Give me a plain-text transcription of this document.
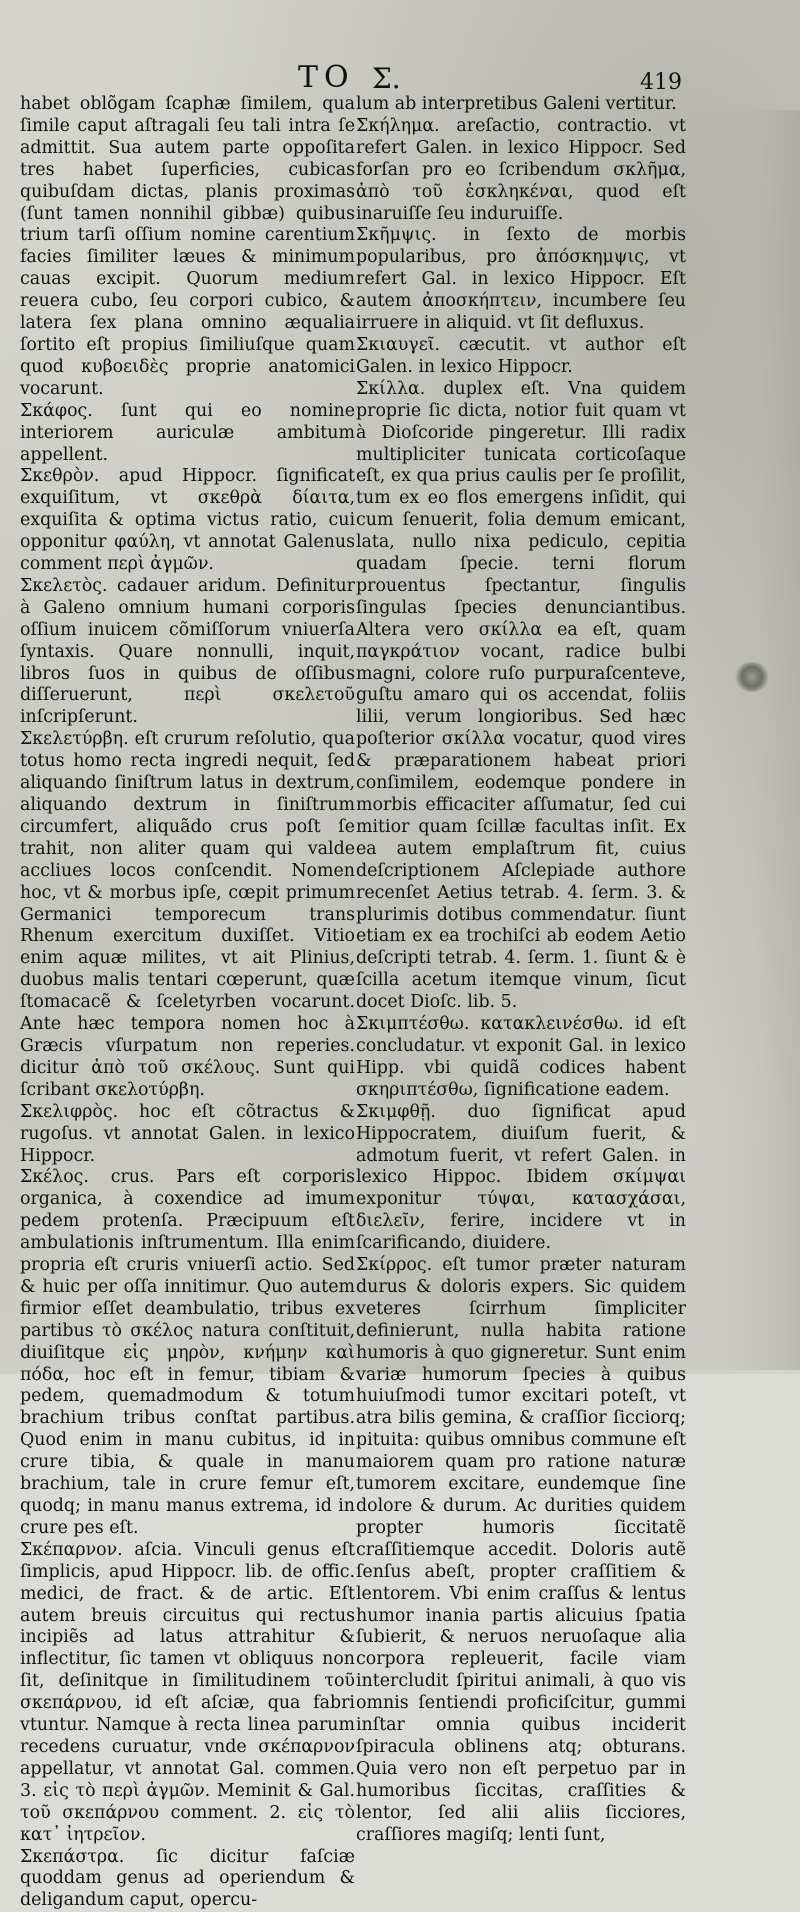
TO Σ.	419

habet oblõgam ſcaphæ ſimilem, qua ſimile caput aſtragali ſeu tali intra ſe admittit. Sua autem parte oppoſita tres habet ſuperficies, cubicas quibuſdam dictas, planis proximas (ſunt tamen nonnihil gibbæ) quibus trium tarſi oſſium nomine carentium facies ſimiliter læues & minimum cauas excipit. Quorum medium reuera cubo, ſeu corpori cubico, & latera ſex plana omnino æqualia ſortito eſt propius ſimiliuſque quam quod κυβοειδὲς proprie anatomici vocarunt.

Σκάφος. ſunt qui eo nomine interiorem auriculæ ambitum appellent.

Σκεθρὸν. apud Hippocr. ſignificat exquiſitum, vt σκεθρὰ δίαιτα, exquiſita & optima victus ratio, cui opponitur φαύλη, vt annotat Galenus comment περὶ ἀγμῶν.

Σκελετὸς. cadauer aridum. Definitur à Galeno omnium humani corporis oſſium inuicem cõmiſſorum vniuerſa ſyntaxis. Quare nonnulli, inquit, libros ſuos in quibus de oſſibus diſſeruerunt, περὶ σκελετοῦ inſcripſerunt.

Σκελετύρβη. eſt crurum reſolutio, qua totus homo recta ingredi nequit, ſed aliquando ſiniſtrum latus in dextrum, aliquando dextrum in ſiniſtrum circumfert, aliquãdo crus poſt ſe trahit, non aliter quam qui valde accliues locos conſcendit. Nomen hoc, vt & morbus ipſe, cœpit primum Germanici temporecum trans Rhenum exercitum duxiſſet. Vitio enim aquæ milites, vt ait Plinius, duobus malis tentari cœperunt, quæ ſtomacacẽ & ſceletyrben vocarunt. Ante hæc tempora nomen hoc à Græcis vſurpatum non reperies. dicitur ἀπὸ τοῦ σκέλους. Sunt qui ſcribant σκελοτύρβη.

Σκελιφρὸς. hoc eſt cõtractus & rugoſus. vt annotat Galen. in lexico Hippocr.

Σκέλος. crus. Pars eſt corporis organica, à coxendice ad imum pedem protenſa. Præcipuum eſt ambulationis inſtrumentum. Illa enim propria eſt cruris vniuerſi actio. Sed & huic per oſſa innitimur. Quo autem firmior eſſet deambulatio, tribus ex partibus τὸ σκέλος natura conſtituit, diuiſitque εἰς μηρὸν, κνήμην καὶ πόδα, hoc eſt in femur, tibiam & pedem, quemadmodum & totum brachium tribus conſtat partibus. Quod enim in manu cubitus, id in crure tibia, & quale in manu brachium, tale in crure femur eſt, quodq; in manu manus extrema, id in crure pes eſt.

Σκέπαρνον. aſcia. Vinculi genus eſt ſimplicis, apud Hippocr. lib. de offic. medici, de fract. & de artic. Eſt autem breuis circuitus qui rectus incipiẽs ad latus attrahitur & inflectitur, ſic tamen vt obliquus non ſit, deſinitque in ſimilitudinem τοῦ σκεπάρνου, id eſt aſciæ, qua fabri vtuntur. Namque à recta linea parum recedens curuatur, vnde σκέπαρνον appellatur, vt annotat Gal. commen. 3. εἰς τὸ περὶ ἀγμῶν. Meminit & Gal. τοῦ σκεπάρνου comment. 2. εἰς τὸ κατ᾽ ἰητρεῖον.

Σκεπάστρα. ſic dicitur faſciæ quoddam genus ad operiendum & deligandum caput, opercu-

lum ab interpretibus Galeni vertitur.

Σκήλημα. areſactio, contractio. vt refert Galen. in lexico Hippocr. Sed forſan pro eo ſcribendum σκλῆμα, ἀπὸ τοῦ ἐσκληκέναι, quod eſt inaruiſſe ſeu induruiſſe.

Σκῆμψις. in ſexto de morbis popularibus, pro ἀπόσκημψις, vt refert Gal. in lexico Hippocr. Eſt autem ἀποσκήπτειν, incumbere ſeu irruere in aliquid. vt ſit defluxus.

Σκιαυγεῖ. cæcutit. vt author eſt Galen. in lexico Hippocr.

Σκίλλα. duplex eſt. Vna quidem proprie ſic dicta, notior fuit quam vt à Dioſcoride pingeretur. Illi radix multipliciter tunicata corticoſaque eſt, ex qua prius caulis per ſe proſilit, tum ex eo flos emergens inſidit, qui cum ſenuerit, folia demum emicant, lata, nullo nixa pediculo, cepitia quadam ſpecie. terni florum prouentus ſpectantur, ſingulis ſingulas ſpecies denunciantibus. Altera vero σκίλλα ea eſt, quam παγκράτιον vocant, radice bulbi magni, colore ruſo purpuraſcenteve, guſtu amaro qui os accendat, foliis lilii, verum longioribus. Sed hæc poſterior σκίλλα vocatur, quod vires & præparationem habeat priori conſimilem, eodemque pondere in morbis efficaciter aſſumatur, ſed cui mitior quam ſcillæ facultas inſit. Ex ea autem emplaſtrum fit, cuius deſcriptionem Aſclepiade authore recenſet Aetius tetrab. 4. ſerm. 3. & plurimis dotibus commendatur. ſiunt etiam ex ea trochiſci ab eodem Aetio deſcripti tetrab. 4. ſerm. 1. ſiunt & è ſcilla acetum itemque vinum, ſicut docet Dioſc. lib. 5.

Σκιμπτέσθω. κατακλεινέσθω. id eſt concludatur. vt exponit Gal. in lexico Hipp. vbi quidã codices habent σκηριπτέσθω, ſignificatione eadem.

Σκιμφθῇ. duo ſignificat apud Hippocratem, diuiſum fuerit, & admotum fuerit, vt refert Galen. in lexico Hippoc. Ibidem σκίμψαι exponitur τύψαι, κατασχάσαι, διελεῖν, ferire, incidere vt in ſcarificando, diuidere.

Σκίρρος. eſt tumor præter naturam durus & doloris expers. Sic quidem veteres ſcirrhum ſimpliciter definierunt, nulla habita ratione humoris à quo gigneretur. Sunt enim variæ humorum ſpecies à quibus huiuſmodi tumor excitari poteſt, vt atra bilis gemina, & craſſior ſicciorq; pituita: quibus omnibus commune eſt maiorem quam pro ratione naturæ tumorem excitare, eundemque ſine dolore & durum. Ac durities quidem propter humoris ſiccitatẽ craſſitiemque accedit. Doloris autẽ ſenſus abeſt, propter craſſitiem & lentorem. Vbi enim craſſus & lentus humor inania partis alicuius ſpatia ſubierit, & neruos neruoſaque alia corpora repleuerit, facile viam intercludit ſpiritui animali, à quo vis omnis ſentiendi proficiſcitur, gummi inſtar omnia quibus inciderit ſpiracula oblinens atq; obturans. Quia vero non eſt perpetuo par in humoribus ſiccitas, craſſities & lentor, ſed alii aliis ſicciores, craſſiores magiſq; lenti ſunt,
